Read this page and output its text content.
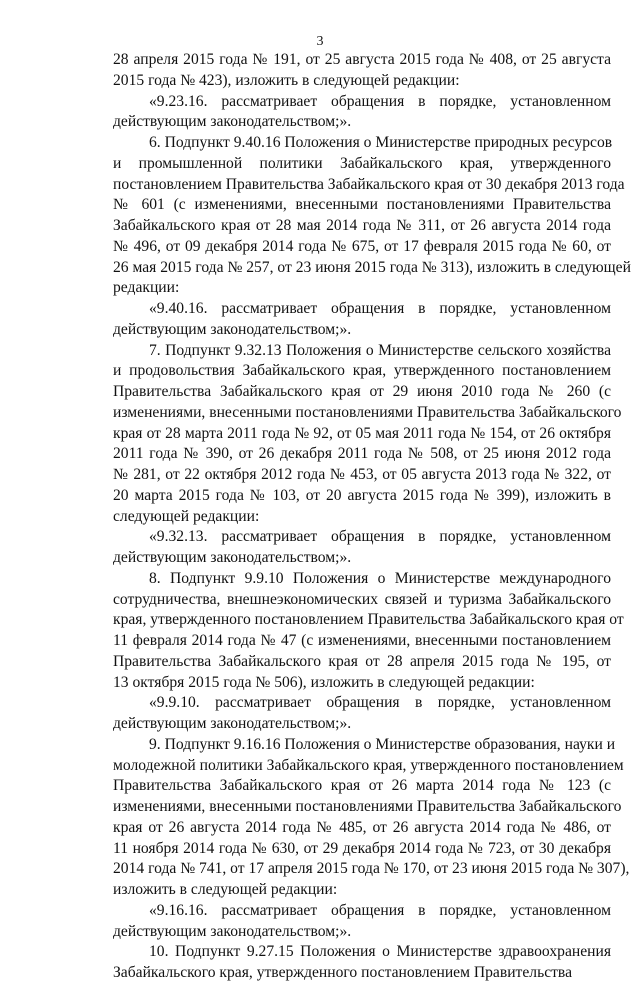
3
28 апреля 2015 года № 191, от 25 августа 2015 года № 408, от 25 августа
2015 года № 423), изложить в следующей редакции:
«9.23.16. рассматривает обращения в порядке, установленном
действующим законодательством;».
6. Подпункт 9.40.16 Положения о Министерстве природных ресурсов
и промышленной политики Забайкальского края, утвержденного
постановлением Правительства Забайкальского края от 30 декабря 2013 года
№ 601 (с изменениями, внесенными постановлениями Правительства
Забайкальского края от 28 мая 2014 года № 311, от 26 августа 2014 года
№ 496, от 09 декабря 2014 года № 675, от 17 февраля 2015 года № 60, от
26 мая 2015 года № 257, от 23 июня 2015 года № 313), изложить в следующей
редакции:
«9.40.16. рассматривает обращения в порядке, установленном
действующим законодательством;».
7. Подпункт 9.32.13 Положения о Министерстве сельского хозяйства
и продовольствия Забайкальского края, утвержденного постановлением
Правительства Забайкальского края от 29 июня 2010 года № 260 (с
изменениями, внесенными постановлениями Правительства Забайкальского
края от 28 марта 2011 года № 92, от 05 мая 2011 года № 154, от 26 октября
2011 года № 390, от 26 декабря 2011 года № 508, от 25 июня 2012 года
№ 281, от 22 октября 2012 года № 453, от 05 августа 2013 года № 322, от
20 марта 2015 года № 103, от 20 августа 2015 года № 399), изложить в
следующей редакции:
«9.32.13. рассматривает обращения в порядке, установленном
действующим законодательством;».
8. Подпункт 9.9.10 Положения о Министерстве международного
сотрудничества, внешнеэкономических связей и туризма Забайкальского
края, утвержденного постановлением Правительства Забайкальского края от
11 февраля 2014 года № 47 (с изменениями, внесенными постановлением
Правительства Забайкальского края от 28 апреля 2015 года № 195, от
13 октября 2015 года № 506), изложить в следующей редакции:
«9.9.10. рассматривает обращения в порядке, установленном
действующим законодательством;».
9. Подпункт 9.16.16 Положения о Министерстве образования, науки и
молодежной политики Забайкальского края, утвержденного постановлением
Правительства Забайкальского края от 26 марта 2014 года № 123 (с
изменениями, внесенными постановлениями Правительства Забайкальского
края от 26 августа 2014 года № 485, от 26 августа 2014 года № 486, от
11 ноября 2014 года № 630, от 29 декабря 2014 года № 723, от 30 декабря
2014 года № 741, от 17 апреля 2015 года № 170, от 23 июня 2015 года № 307),
изложить в следующей редакции:
«9.16.16. рассматривает обращения в порядке, установленном
действующим законодательством;».
10. Подпункт 9.27.15 Положения о Министерстве здравоохранения
Забайкальского края, утвержденного постановлением Правительства
